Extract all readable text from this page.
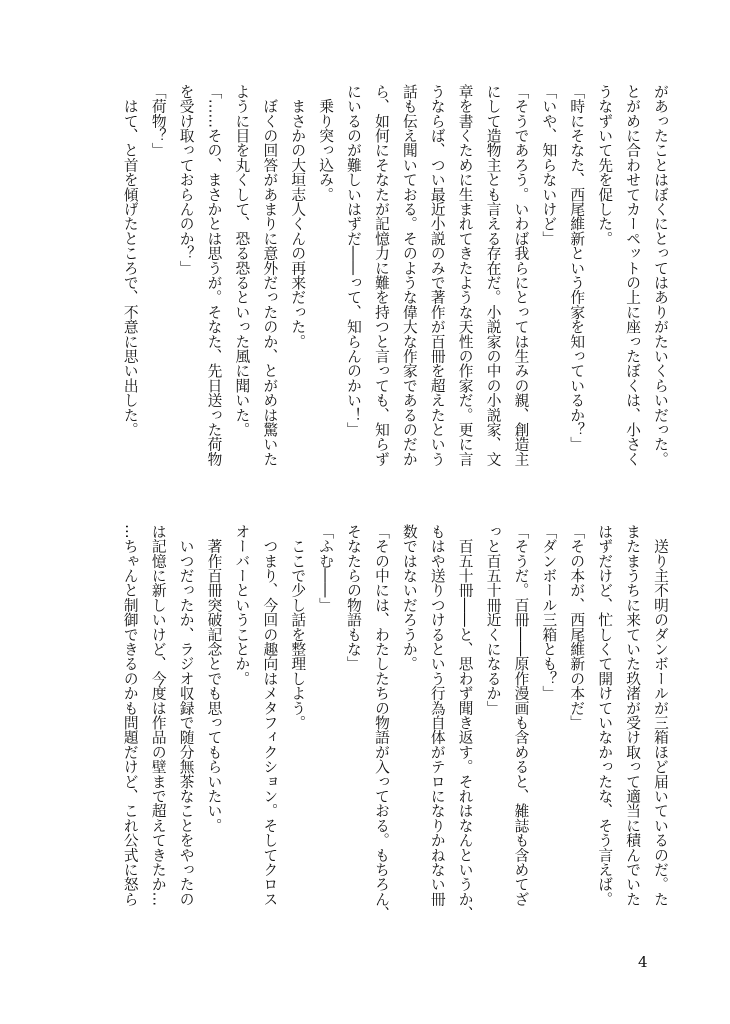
があったことはぼくにとってはありがたいくらいだった。
とがめに合わせてカーペットの上に座ったぼくは、小さく
うなずいて先を促した。
「時にそなた、西尾維新という作家を知っているか？」
「いや、知らないけど」
「そうであろう。いわば我らにとっては生みの親、創造主
にして造物主とも言える存在だ。小説家の中の小説家、文
章を書くために生まれてきたような天性の作家だ。更に言
うならば、つい最近小説のみで著作が百冊を超えたという
話も伝え聞いておる。そのような偉大な作家であるのだか
ら、如何にそなたが記憶力に難を持つと言っても、知らず
にいるのが難しいはずだ――って、知らんのかい！」
　乗り突っ込み。
　まさかの大垣志人くんの再来だった。
　ぼくの回答があまりに意外だったのか、とがめは驚いた
ように目を丸くして、恐る恐るといった風に聞いた。
「……その、まさかとは思うが。そなた、先日送った荷物
を受け取っておらんのか？」
「荷物？」
　はて、と首を傾げたところで、不意に思い出した。
　送り主不明のダンボールが三箱ほど届いているのだ。た
またまうちに来ていた玖渚が受け取って適当に積んでいた
はずだけど、忙しくて開けていなかったな、そう言えば。
「その本が、西尾維新の本だ」
「ダンボール三箱とも？」
「そうだ。百冊――原作漫画も含めると、雑誌も含めてざ
っと百五十冊近くになるか」
　百五十冊――と、思わず聞き返す。それはなんというか、
もはや送りつけるという行為自体がテロになりかねない冊
数ではないだろうか。
「その中には、わたしたちの物語が入っておる。もちろん、
そなたらの物語もな」
「ふむ――」
　ここで少し話を整理しよう。
　つまり、今回の趣向はメタフィクション。そしてクロス
オーバーということか。
　著作百冊突破記念とでも思ってもらいたい。
　いつだったか、ラジオ収録で随分無茶なことをやったの
は記憶に新しいけど、今度は作品の壁まで超えてきたか…
…ちゃんと制御できるのかも問題だけど、これ公式に怒ら
4
